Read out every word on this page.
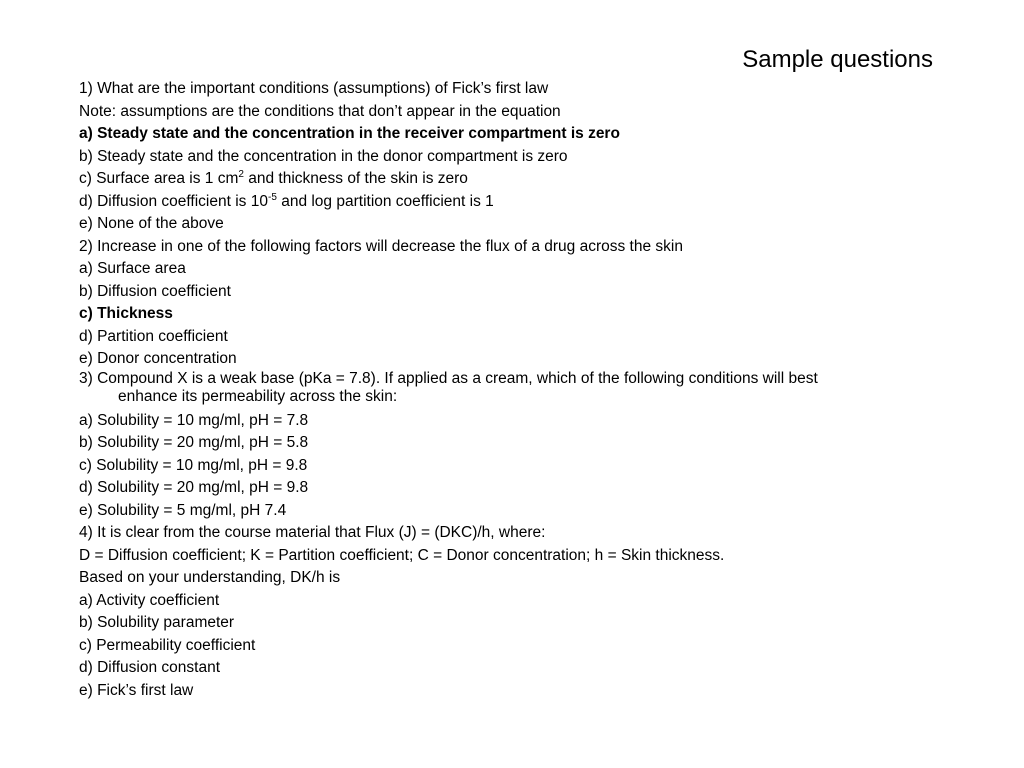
Sample questions
1) What are the important conditions (assumptions) of Fick’s first law
Note: assumptions are the conditions that don’t appear in the equation
a) Steady state and the concentration in the receiver compartment is zero
b) Steady state and the concentration in the donor compartment is zero
c) Surface area is 1 $cm^2$ and thickness of the skin is zero
d) Diffusion coefficient is $10^{-5}$ and log partition coefficient is 1
e) None of the above
2) Increase in one of the following factors will decrease the flux of a drug across the skin
a) Surface area
b) Diffusion coefficient
c) Thickness
d) Partition coefficient
e) Donor concentration
3) Compound X is a weak base (pKa = 7.8). If applied as a cream, which of the following conditions will best
enhance its permeability across the skin:
a) Solubility = 10 mg/ml, pH = 7.8
b) Solubility = 20 mg/ml, pH = 5.8
c) Solubility = 10 mg/ml, pH = 9.8
d) Solubility = 20 mg/ml, pH = 9.8
e) Solubility = 5 mg/ml, pH 7.4
4) It is clear from the course material that Flux (J) = (DKC)/h, where:
D = Diffusion coefficient; K = Partition coefficient; C = Donor concentration; h = Skin thickness.
Based on your understanding, DK/h is
a) Activity coefficient
b) Solubility parameter
c) Permeability coefficient
d) Diffusion constant
e) Fick’s first law
